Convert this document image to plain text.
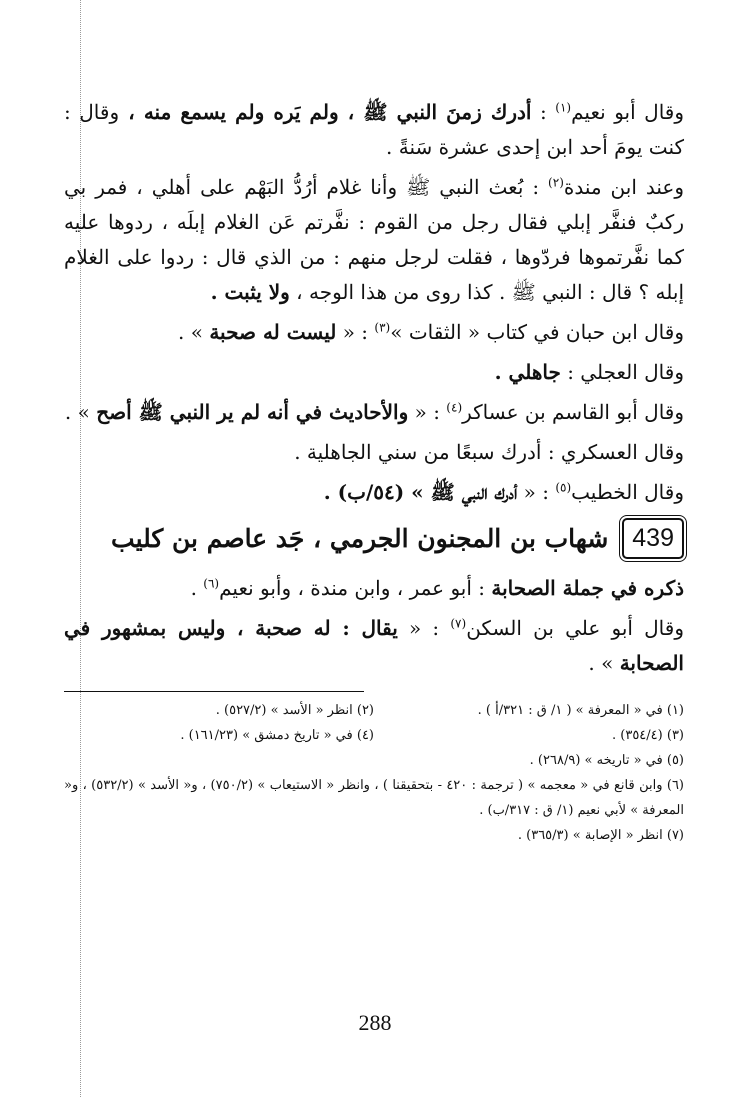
وقال أبو نعيم$^{(١)}$ : أدرك زمنَ النبي ﷺ ، ولم يَره ولم يسمع منه ، وقال : كنت يومَ أحد ابن إحدى عشرة سَنةً .

وعند ابن مندة$^{(٢)}$ : بُعث النبي ﷺ وأنا غلام أرُدُّ البَهْم على أهلي ، فمر بي ركبٌ فنفَّر إبلي فقال رجل من القوم : نفَّرتم عَن الغلام إبلَه ، ردوها عليه كما نفَّرتموها فردّوها ، فقلت لرجل منهم : من الذي قال : ردوا على الغلام إبله ؟ قال : النبي ﷺ . كذا روى من هذا الوجه ، ولا يثبت .

وقال ابن حبان في كتاب « الثقات »$^{(٣)}$ : « ليست له صحبة » .

وقال العجلي : جاهلي .

وقال أبو القاسم بن عساكر$^{(٤)}$ : « والأحاديث في أنه لم ير النبي ﷺ أصح » .

وقال العسكري : أدرك سبعًا من سني الجاهلية .

وقال الخطيب$^{(٥)}$ : « أدرك النبي ﷺ » (٥٤/ب) .

439
شهاب بن المجنون الجرمي ، جَد عاصم بن كليب

ذكره في جملة الصحابة : أبو عمر ، وابن مندة ، وأبو نعيم$^{(٦)}$ .

وقال أبو علي بن السكن$^{(٧)}$ : « يقال : له صحبة ، وليس بمشهور في الصحابة » .

(١) في « المعرفة » ( ١/ ق : ٣٢١/أ ) .
(٢) انظر « الأسد » (٥٢٧/٢) .
(٣) (٣٥٤/٤) .
(٤) في « تاريخ دمشق » (١٦١/٢٣) .
(٥) في « تاريخه » (٢٦٨/٩) .
(٦) وابن قانع في « معجمه » ( ترجمة : ٤٢٠ - بتحقيقنا ) ، وانظر « الاستيعاب » (٧٥٠/٢) ، و« الأسد » (٥٣٢/٢) ، و« المعرفة » لأبي نعيم (١/ ق : ٣١٧/ب) .
(٧) انظر « الإصابة » (٣٦٥/٣) .
288
